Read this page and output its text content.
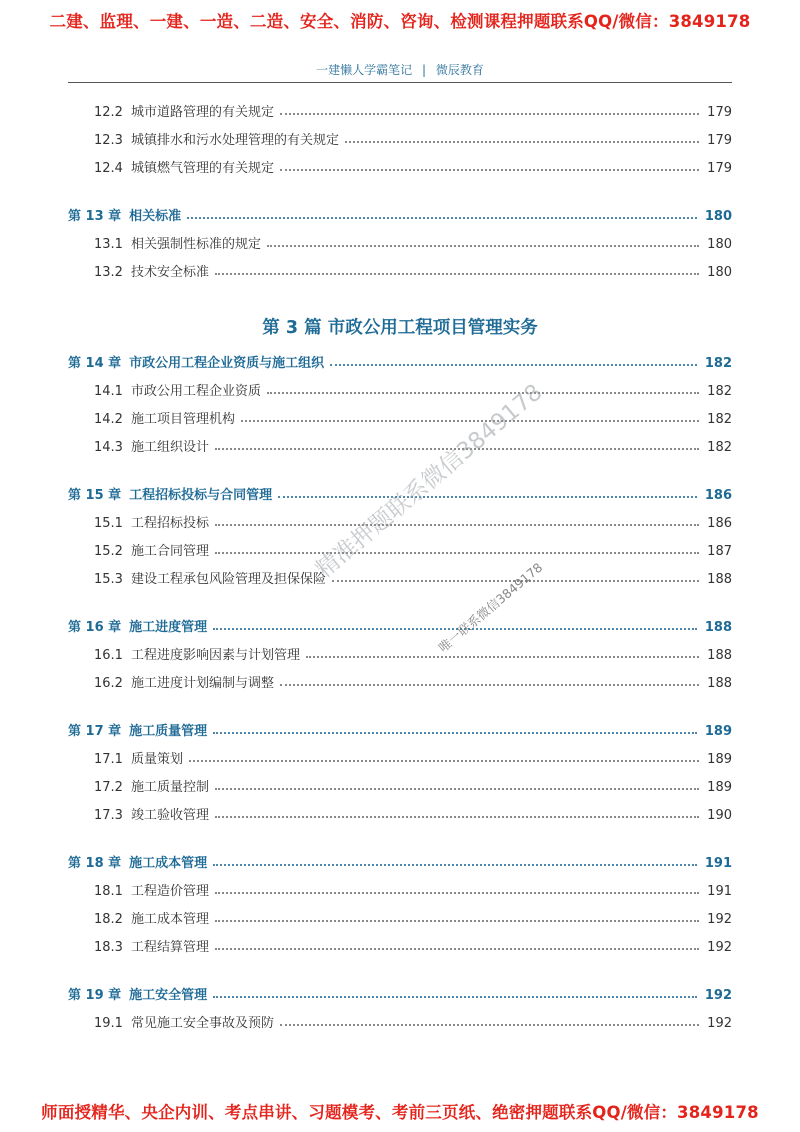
二建、监理、一建、一造、二造、安全、消防、咨询、检测课程押题联系QQ/微信：3849178
一建懒人学霸笔记 | 微辰教育
12.2 城市道路管理的有关规定	179
12.3 城镇排水和污水处理管理的有关规定	179
12.4 城镇燃气管理的有关规定	179
第 13 章 相关标准	180
13.1 相关强制性标准的规定	180
13.2 技术安全标准	180
第 3 篇 市政公用工程项目管理实务
第 14 章 市政公用工程企业资质与施工组织	182
14.1 市政公用工程企业资质	182
14.2 施工项目管理机构	182
14.3 施工组织设计	182
第 15 章 工程招标投标与合同管理	186
15.1 工程招标投标	186
15.2 施工合同管理	187
15.3 建设工程承包风险管理及担保保险	188
第 16 章 施工进度管理	188
16.1 工程进度影响因素与计划管理	188
16.2 施工进度计划编制与调整	188
第 17 章 施工质量管理	189
17.1 质量策划	189
17.2 施工质量控制	189
17.3 竣工验收管理	190
第 18 章 施工成本管理	191
18.1 工程造价管理	191
18.2 施工成本管理	192
18.3 工程结算管理	192
第 19 章 施工安全管理	192
19.1 常见施工安全事故及预防	192
精准押题联系微信3849178
唯一联系微信3849178
师面授精华、央企内训、考点串讲、习题模考、考前三页纸、绝密押题联系QQ/微信：3849178
